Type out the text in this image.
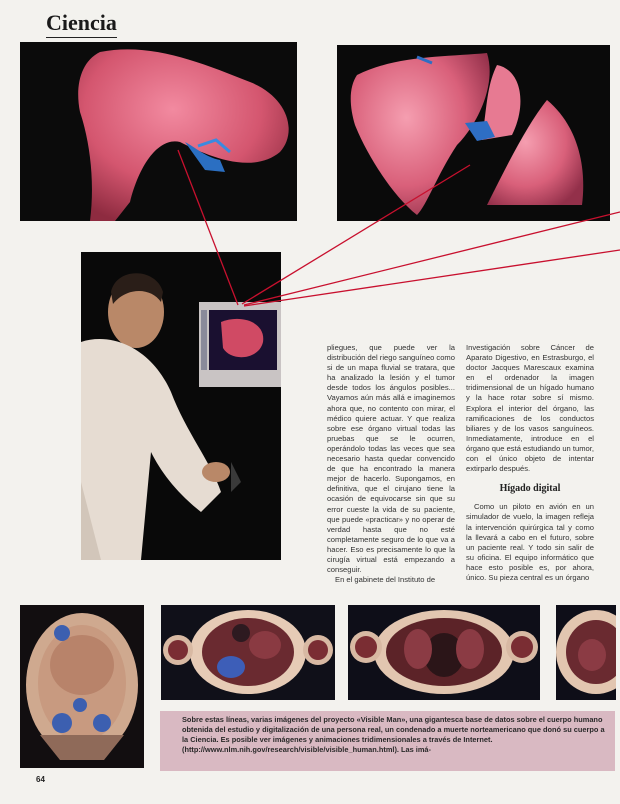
Ciencia

pliegues, que puede ver la distribución del riego sanguíneo como si de un mapa fluvial se tratara, que ha analizado la lesión y el tumor desde todos los ángulos posibles... Vayamos aún más allá e imaginemos ahora que, no contento con mirar, el médico quiere actuar. Y que realiza sobre ese órgano virtual todas las pruebas que se le ocurren, operándolo todas las veces que sea necesario hasta quedar convencido de que ha encontrado la manera mejor de hacerlo. Supongamos, en definitiva, que el cirujano tiene la ocasión de equivocarse sin que su error cueste la vida de su paciente, que puede «practicar» y no operar de verdad hasta que no esté completamente seguro de lo que va a hacer. Eso es precisamente lo que la cirugía virtual está empezando a conseguir.

En el gabinete del Instituto de

Investigación sobre Cáncer de Aparato Digestivo, en Estrasburgo, el doctor Jacques Marescaux examina en el ordenador la imagen tridimensional de un hígado humano y la hace rotar sobre sí mismo. Explora el interior del órgano, las ramificaciones de los conductos biliares y de los vasos sanguíneos. Inmediatamente, introduce en el órgano que está estudiando un tumor, con el único objeto de intentar extirparlo después.

Hígado digital

Como un piloto en avión en un simulador de vuelo, la imagen refleja la intervención quirúrgica tal y como la llevará a cabo en el futuro, sobre un paciente real. Y todo sin salir de su oficina. El equipo informático que hace esto posible es, por ahora, único. Su pieza central es un órgano

Sobre estas líneas, varias imágenes del proyecto «Visible Man», una gigantesca base de datos sobre el cuerpo humano obtenida del estudio y digitalización de una persona real, un condenado a muerte norteamericano que donó su cuerpo a la Ciencia. Es posible ver imágenes y animaciones tridimensionales a través de Internet. (http://www.nlm.nih.gov/research/visible/visible_human.html). Las imá-
64
